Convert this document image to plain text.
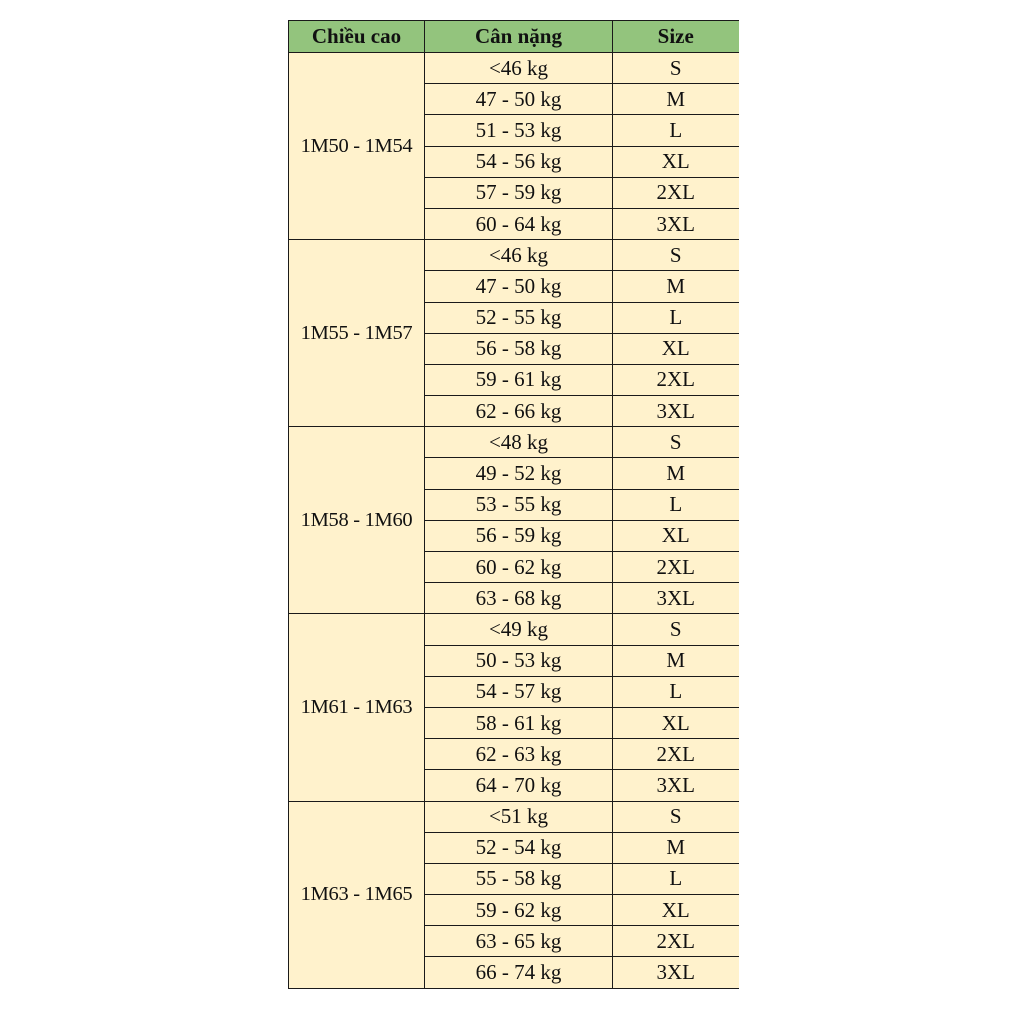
Chiều cao	Cân nặng	Size
1M50 - 1M54	<46 kg	S
	47 - 50 kg	M
	51 - 53 kg	L
	54 - 56 kg	XL
	57 - 59 kg	2XL
	60 - 64 kg	3XL
1M55 - 1M57	<46 kg	S
	47 - 50 kg	M
	52 - 55 kg	L
	56 - 58 kg	XL
	59 - 61 kg	2XL
	62 - 66 kg	3XL
1M58 - 1M60	<48 kg	S
	49 - 52 kg	M
	53 - 55 kg	L
	56 - 59 kg	XL
	60 - 62 kg	2XL
	63 - 68 kg	3XL
1M61 - 1M63	<49 kg	S
	50 - 53 kg	M
	54 - 57 kg	L
	58 - 61 kg	XL
	62 - 63 kg	2XL
	64 - 70 kg	3XL
1M63 - 1M65	<51 kg	S
	52 - 54 kg	M
	55 - 58 kg	L
	59 - 62 kg	XL
	63 - 65 kg	2XL
	66 - 74 kg	3XL
